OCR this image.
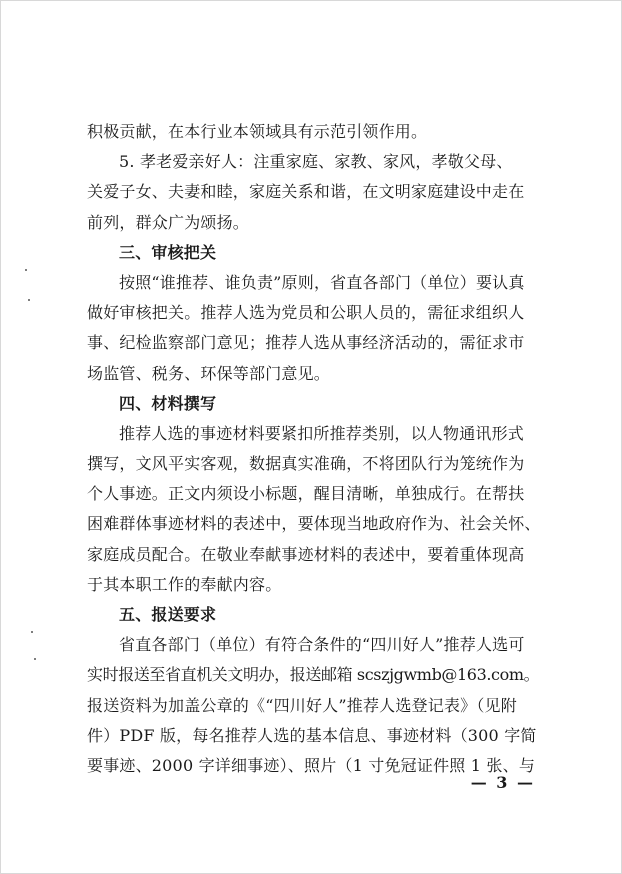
积极贡献，在本行业本领域具有示范引领作用。
5. 孝老爱亲好人：注重家庭、家教、家风，孝敬父母、
关爱子女、夫妻和睦，家庭关系和谐，在文明家庭建设中走在
前列，群众广为颂扬。
三、审核把关
按照“谁推荐、谁负责”原则，省直各部门（单位）要认真
做好审核把关。推荐人选为党员和公职人员的，需征求组织人
事、纪检监察部门意见；推荐人选从事经济活动的，需征求市
场监管、税务、环保等部门意见。
四、材料撰写
推荐人选的事迹材料要紧扣所推荐类别，以人物通讯形式
撰写，文风平实客观，数据真实准确，不将团队行为笼统作为
个人事迹。正文内须设小标题，醒目清晰，单独成行。在帮扶
困难群体事迹材料的表述中，要体现当地政府作为、社会关怀、
家庭成员配合。在敬业奉献事迹材料的表述中，要着重体现高
于其本职工作的奉献内容。
五、报送要求
省直各部门（单位）有符合条件的“四川好人”推荐人选可
实时报送至省直机关文明办，报送邮箱 scszjgwmb@163.com。
报送资料为加盖公章的《“四川好人”推荐人选登记表》（见附
件）PDF 版，每名推荐人选的基本信息、事迹材料（300 字简
要事迹、2000 字详细事迹）、照片（1 寸免冠证件照 1 张、与
— 3 —
